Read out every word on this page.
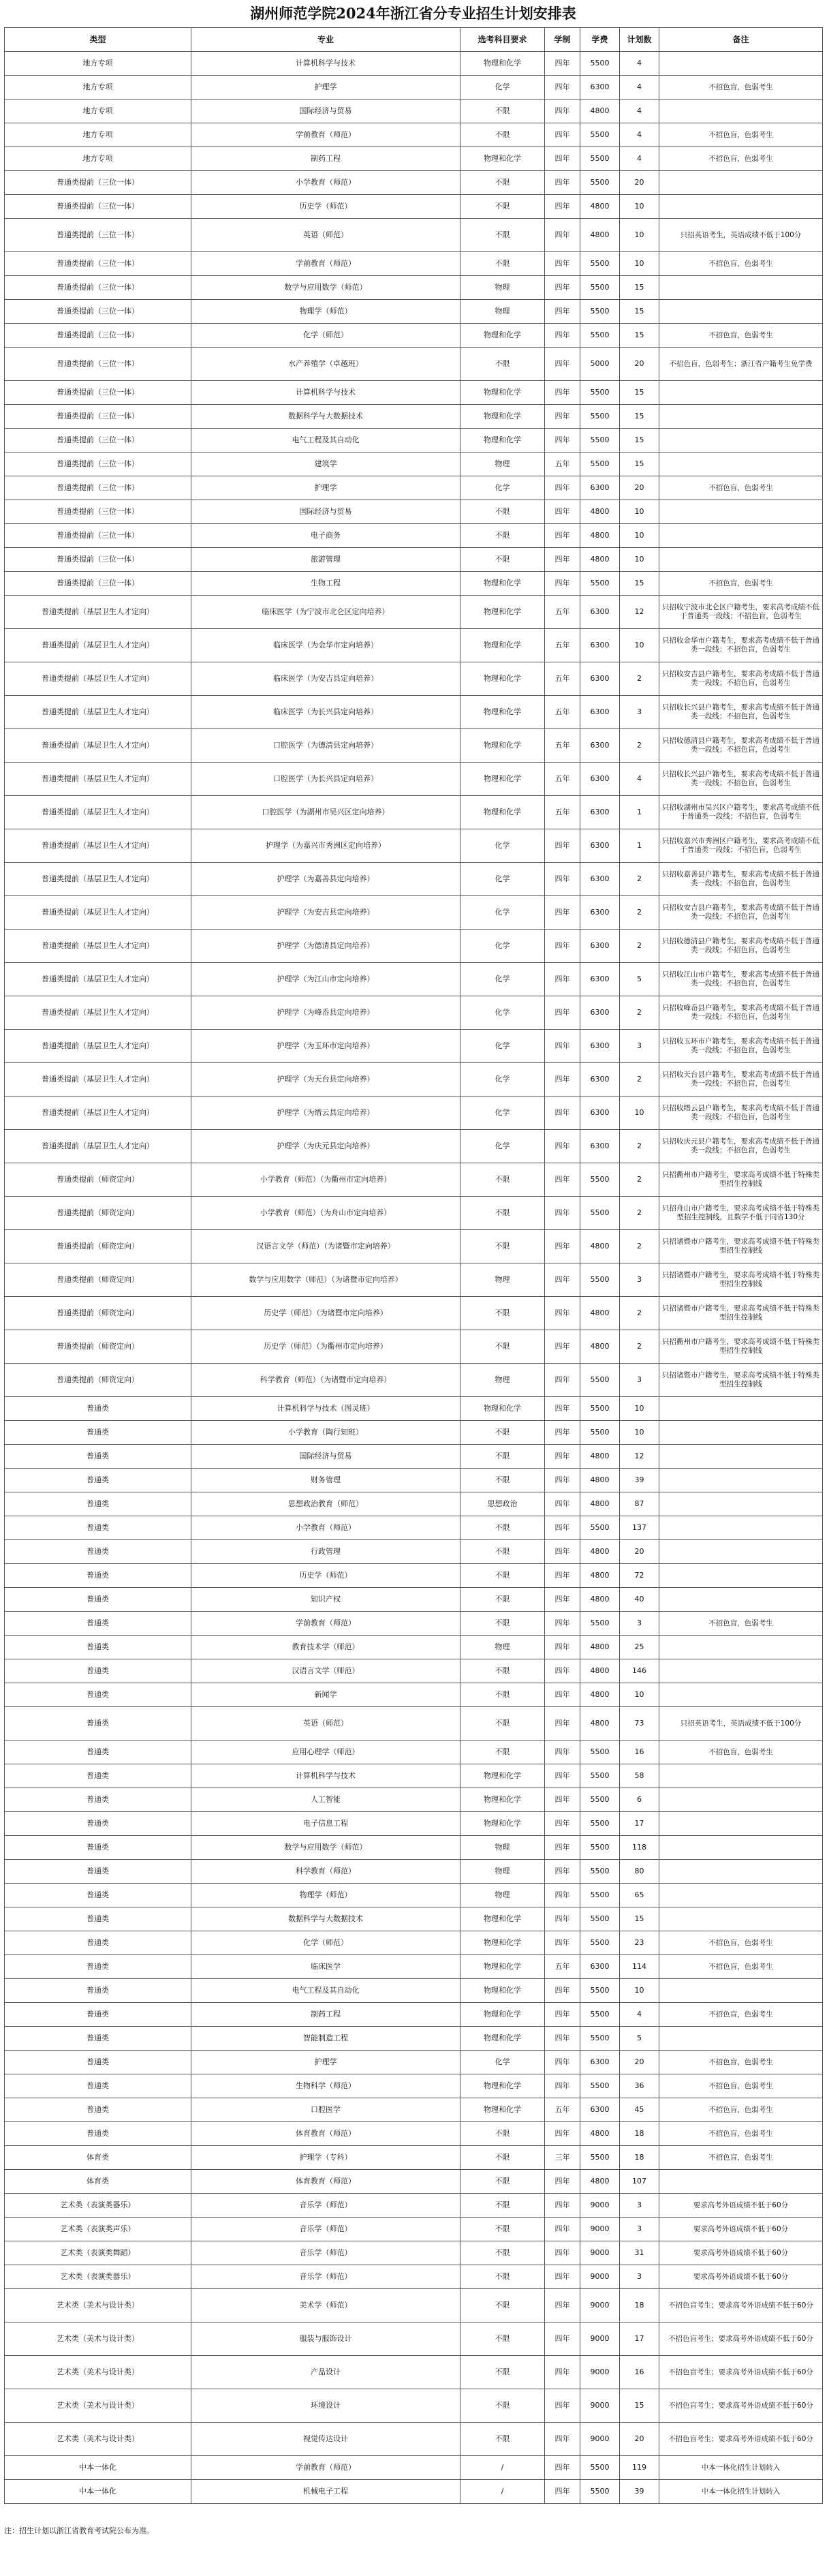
湖州师范学院2024年浙江省分专业招生计划安排表
类型	专业	选考科目要求	学制	学费	计划数	备注
地方专项	计算机科学与技术	物理和化学	四年	5500	4	
地方专项	护理学	化学	四年	6300	4	不招色盲，色弱考生
地方专项	国际经济与贸易	不限	四年	4800	4	
地方专项	学前教育（师范）	不限	四年	5500	4	不招色盲，色弱考生
地方专项	制药工程	物理和化学	四年	5500	4	不招色盲，色弱考生
普通类提前（三位一体）	小学教育（师范）	不限	四年	5500	20	
普通类提前（三位一体）	历史学（师范）	不限	四年	4800	10	
普通类提前（三位一体）	英语（师范）	不限	四年	4800	10	只招英语考生，英语成绩不低于100分
普通类提前（三位一体）	学前教育（师范）	不限	四年	5500	10	不招色盲，色弱考生
普通类提前（三位一体）	数学与应用数学（师范）	物理	四年	5500	15	
普通类提前（三位一体）	物理学（师范）	物理	四年	5500	15	
普通类提前（三位一体）	化学（师范）	物理和化学	四年	5500	15	不招色盲，色弱考生
普通类提前（三位一体）	水产养殖学（卓越班）	不限	四年	5000	20	不招色盲，色弱考生；浙江省户籍考生免学费
普通类提前（三位一体）	计算机科学与技术	物理和化学	四年	5500	15	
普通类提前（三位一体）	数据科学与大数据技术	物理和化学	四年	5500	15	
普通类提前（三位一体）	电气工程及其自动化	物理和化学	四年	5500	15	
普通类提前（三位一体）	建筑学	物理	五年	5500	15	
普通类提前（三位一体）	护理学	化学	四年	6300	20	不招色盲，色弱考生
普通类提前（三位一体）	国际经济与贸易	不限	四年	4800	10	
普通类提前（三位一体）	电子商务	不限	四年	4800	10	
普通类提前（三位一体）	旅游管理	不限	四年	4800	10	
普通类提前（三位一体）	生物工程	物理和化学	四年	5500	15	不招色盲，色弱考生
普通类提前（基层卫生人才定向）	临床医学（为宁波市北仑区定向培养）	物理和化学	五年	6300	12	只招收宁波市北仑区户籍考生，要求高考成绩不低于普通类一段线；不招色盲，色弱考生
普通类提前（基层卫生人才定向）	临床医学（为金华市定向培养）	物理和化学	五年	6300	10	只招收金华市户籍考生，要求高考成绩不低于普通类一段线；不招色盲，色弱考生
普通类提前（基层卫生人才定向）	临床医学（为安吉县定向培养）	物理和化学	五年	6300	2	只招收安吉县户籍考生，要求高考成绩不低于普通类一段线；不招色盲，色弱考生
普通类提前（基层卫生人才定向）	临床医学（为长兴县定向培养）	物理和化学	五年	6300	3	只招收长兴县户籍考生，要求高考成绩不低于普通类一段线；不招色盲，色弱考生
普通类提前（基层卫生人才定向）	口腔医学（为德清县定向培养）	物理和化学	五年	6300	2	只招收德清县户籍考生，要求高考成绩不低于普通类一段线；不招色盲，色弱考生
普通类提前（基层卫生人才定向）	口腔医学（为长兴县定向培养）	物理和化学	五年	6300	4	只招收长兴县户籍考生，要求高考成绩不低于普通类一段线；不招色盲，色弱考生
普通类提前（基层卫生人才定向）	口腔医学（为湖州市吴兴区定向培养）	物理和化学	五年	6300	1	只招收湖州市吴兴区户籍考生，要求高考成绩不低于普通类一段线；不招色盲，色弱考生
普通类提前（基层卫生人才定向）	护理学（为嘉兴市秀洲区定向培养）	化学	四年	6300	1	只招收嘉兴市秀洲区户籍考生，要求高考成绩不低于普通类一段线；不招色盲，色弱考生
普通类提前（基层卫生人才定向）	护理学（为嘉善县定向培养）	化学	四年	6300	2	只招收嘉善县户籍考生，要求高考成绩不低于普通类一段线；不招色盲，色弱考生
普通类提前（基层卫生人才定向）	护理学（为安吉县定向培养）	化学	四年	6300	2	只招收安吉县户籍考生，要求高考成绩不低于普通类一段线；不招色盲，色弱考生
普通类提前（基层卫生人才定向）	护理学（为德清县定向培养）	化学	四年	6300	2	只招收德清县户籍考生，要求高考成绩不低于普通类一段线；不招色盲，色弱考生
普通类提前（基层卫生人才定向）	护理学（为江山市定向培养）	化学	四年	6300	5	只招收江山市户籍考生，要求高考成绩不低于普通类一段线；不招色盲，色弱考生
普通类提前（基层卫生人才定向）	护理学（为峰岙县定向培养）	化学	四年	6300	2	只招收峰岙县户籍考生，要求高考成绩不低于普通类一段线；不招色盲，色弱考生
普通类提前（基层卫生人才定向）	护理学（为玉环市定向培养）	化学	四年	6300	3	只招收玉环市户籍考生，要求高考成绩不低于普通类一段线；不招色盲，色弱考生
普通类提前（基层卫生人才定向）	护理学（为天台县定向培养）	化学	四年	6300	2	只招收天台县户籍考生，要求高考成绩不低于普通类一段线；不招色盲，色弱考生
普通类提前（基层卫生人才定向）	护理学（为缙云县定向培养）	化学	四年	6300	10	只招收缙云县户籍考生，要求高考成绩不低于普通类一段线；不招色盲，色弱考生
普通类提前（基层卫生人才定向）	护理学（为庆元县定向培养）	化学	四年	6300	2	只招收庆元县户籍考生，要求高考成绩不低于普通类一段线；不招色盲，色弱考生
普通类提前（师资定向）	小学教育（师范）（为衢州市定向培养）	不限	四年	5500	2	只招衢州市户籍考生，要求高考成绩不低于特殊类型招生控制线
普通类提前（师资定向）	小学教育（师范）（为舟山市定向培养）	不限	四年	5500	2	只招舟山市户籍考生，要求高考成绩不低于特殊类型招生控制线，且数学不低于同省130分
普通类提前（师资定向）	汉语言文学（师范）（为诸暨市定向培养）	不限	四年	4800	2	只招诸暨市户籍考生，要求高考成绩不低于特殊类型招生控制线
普通类提前（师资定向）	数学与应用数学（师范）（为诸暨市定向培养）	物理	四年	5500	3	只招诸暨市户籍考生，要求高考成绩不低于特殊类型招生控制线
普通类提前（师资定向）	历史学（师范）（为诸暨市定向培养）	不限	四年	4800	2	只招诸暨市户籍考生，要求高考成绩不低于特殊类型招生控制线
普通类提前（师资定向）	历史学（师范）（为衢州市定向培养）	不限	四年	4800	2	只招衢州市户籍考生，要求高考成绩不低于特殊类型招生控制线
普通类提前（师资定向）	科学教育（师范）（为诸暨市定向培养）	物理	四年	5500	3	只招诸暨市户籍考生，要求高考成绩不低于特殊类型招生控制线
普通类	计算机科学与技术（图灵班）	物理和化学	四年	5500	10	
普通类	小学教育（陶行知班）	不限	四年	5500	10	
普通类	国际经济与贸易	不限	四年	4800	12	
普通类	财务管理	不限	四年	4800	39	
普通类	思想政治教育（师范）	思想政治	四年	4800	87	
普通类	小学教育（师范）	不限	四年	5500	137	
普通类	行政管理	不限	四年	4800	20	
普通类	历史学（师范）	不限	四年	4800	72	
普通类	知识产权	不限	四年	4800	40	
普通类	学前教育（师范）	不限	四年	5500	3	不招色盲，色弱考生
普通类	教育技术学（师范）	物理	四年	4800	25	
普通类	汉语言文学（师范）	不限	四年	4800	146	
普通类	新闻学	不限	四年	4800	10	
普通类	英语（师范）	不限	四年	4800	73	只招英语考生，英语成绩不低于100分
普通类	应用心理学（师范）	不限	四年	5500	16	不招色盲，色弱考生
普通类	计算机科学与技术	物理和化学	四年	5500	58	
普通类	人工智能	物理和化学	四年	5500	6	
普通类	电子信息工程	物理和化学	四年	5500	17	
普通类	数学与应用数学（师范）	物理	四年	5500	118	
普通类	科学教育（师范）	物理	四年	5500	80	
普通类	物理学（师范）	物理	四年	5500	65	
普通类	数据科学与大数据技术	物理和化学	四年	5500	15	
普通类	化学（师范）	物理和化学	四年	5500	23	不招色盲，色弱考生
普通类	临床医学	物理和化学	五年	6300	114	不招色盲，色弱考生
普通类	电气工程及其自动化	物理和化学	四年	5500	10	
普通类	制药工程	物理和化学	四年	5500	4	不招色盲，色弱考生
普通类	智能制造工程	物理和化学	四年	5500	5	
普通类	护理学	化学	四年	6300	20	不招色盲，色弱考生
普通类	生物科学（师范）	物理和化学	四年	5500	36	不招色盲，色弱考生
普通类	口腔医学	物理和化学	五年	6300	45	不招色盲，色弱考生
普通类	体育教育（师范）	不限	四年	4800	18	不招色盲，色弱考生
体育类	护理学（专科）	不限	三年	5500	18	不招色盲，色弱考生
体育类	体育教育（师范）	不限	四年	4800	107	
艺术类（表演类器乐）	音乐学（师范）	不限	四年	9000	3	要求高考外语成绩不低于60分
艺术类（表演类声乐）	音乐学（师范）	不限	四年	9000	3	要求高考外语成绩不低于60分
艺术类（表演类舞蹈）	音乐学（师范）	不限	四年	9000	31	要求高考外语成绩不低于60分
艺术类（表演类器乐）	音乐学（师范）	不限	四年	9000	3	要求高考外语成绩不低于60分
艺术类（美术与设计类）	美术学（师范）	不限	四年	9000	18	不招色盲考生；要求高考外语成绩不低于60分
艺术类（美术与设计类）	服装与服饰设计	不限	四年	9000	17	不招色盲考生；要求高考外语成绩不低于60分
艺术类（美术与设计类）	产品设计	不限	四年	9000	16	不招色盲考生；要求高考外语成绩不低于60分
艺术类（美术与设计类）	环境设计	不限	四年	9000	15	不招色盲考生；要求高考外语成绩不低于60分
艺术类（美术与设计类）	视觉传达设计	不限	四年	9000	20	不招色盲考生；要求高考外语成绩不低于60分
中本一体化	学前教育（师范）	/	四年	5500	119	中本一体化招生计划转入
中本一体化	机械电子工程	/	四年	5500	39	中本一体化招生计划转入
注：招生计划以浙江省教育考试院公布为准。
